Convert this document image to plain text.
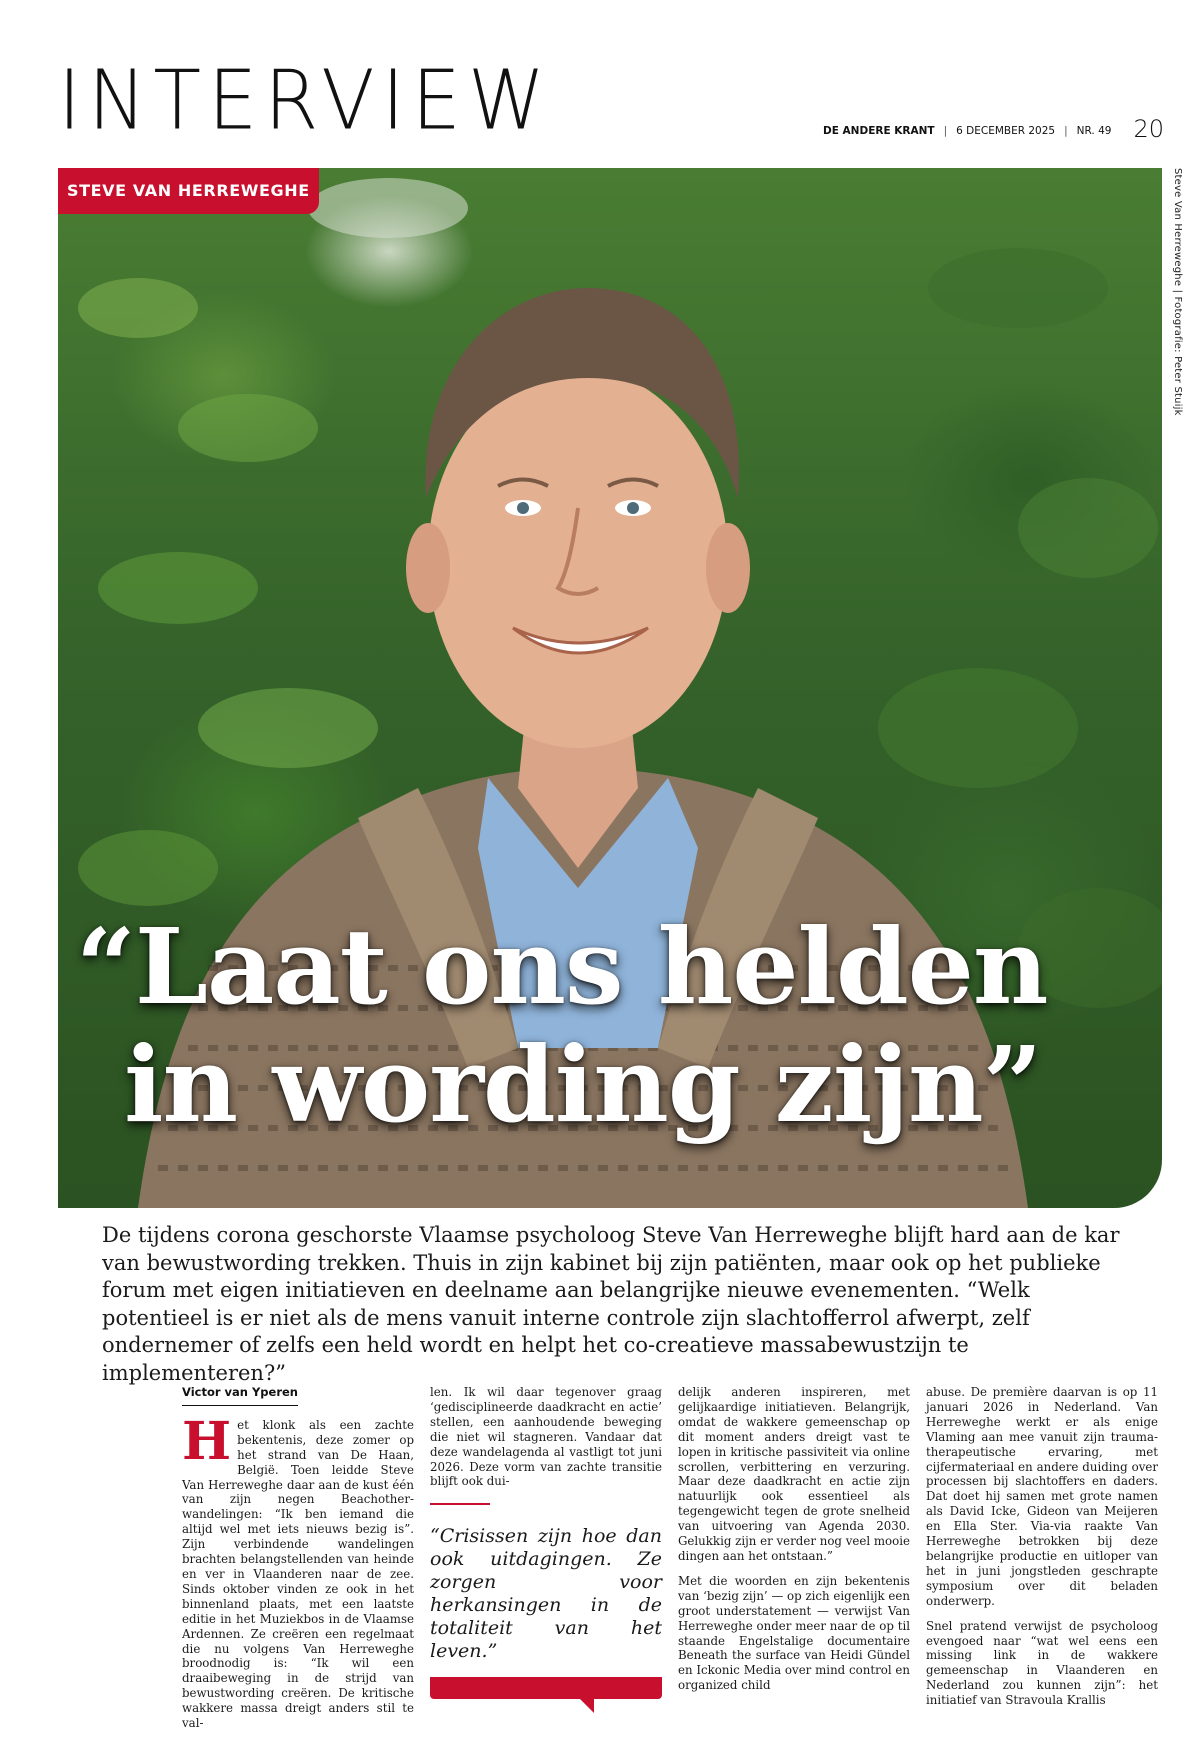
INTERVIEW	DE ANDERE KRANT | 6 DECEMBER 2025 | NR. 49 20
STEVE VAN HERREWEGHE
“Laat ons helden
in wording zijn”
Steve Van Herreweghe | Fotografie: Peter Stuijk
De tijdens corona geschorste Vlaamse psycholoog Steve Van Herreweghe blijft hard aan de kar van bewustwording trekken. Thuis in zijn kabinet bij zijn patiënten, maar ook op het publieke forum met eigen initiatieven en deelname aan belangrijke nieuwe evenementen. “Welk potentieel is er niet als de mens vanuit interne controle zijn slachtofferrol afwerpt, zelf ondernemer of zelfs een held wordt en helpt het co-creatieve massabewustzijn te implementeren?”
Victor van Yperen

Het klonk als een zachte bekentenis, deze zomer op het strand van De Haan, België. Toen leidde Steve Van Herreweghe daar aan de kust één van zijn negen Beachother-wandelingen: “Ik ben iemand die altijd wel met iets nieuws bezig is”. Zijn verbindende wandelingen brachten belangstellenden van heinde en ver in Vlaanderen naar de zee. Sinds oktober vinden ze ook in het binnenland plaats, met een laatste editie in het Muziekbos in de Vlaamse Ardennen. Ze creëren een regelmaat die nu volgens Van Herreweghe broodnodig is: “Ik wil een draaibeweging in de strijd van bewustwording creëren. De kritische wakkere massa dreigt anders stil te val-

len. Ik wil daar tegenover graag ‘gedisciplineerde daadkracht en actie’ stellen, een aanhoudende beweging die niet wil stagneren. Vandaar dat deze wandelagenda al vastligt tot juni 2026. Deze vorm van zachte transitie blijft ook dui-

“Crisissen zijn hoe dan ook uitdagingen. Ze zorgen voor herkansingen in de totaliteit van het leven.”

delijk anderen inspireren, met gelijkaardige initiatieven. Belangrijk, omdat de wakkere gemeenschap op dit moment anders dreigt vast te lopen in kritische passiviteit via online scrollen, verbittering en verzuring. Maar deze daadkracht en actie zijn natuurlijk ook essentieel als tegengewicht tegen de grote snelheid van uitvoering van Agenda 2030. Gelukkig zijn er verder nog veel mooie dingen aan het ontstaan.”

Met die woorden en zijn bekentenis van ‘bezig zijn’ — op zich eigenlijk een groot understatement — verwijst Van Herreweghe onder meer naar de op til staande Engelstalige documentaire Beneath the surface van Heidi Gündel en Ickonic Media over mind control en organized child

abuse. De première daarvan is op 11 januari 2026 in Nederland. Van Herreweghe werkt er als enige Vlaming aan mee vanuit zijn trauma-therapeutische ervaring, met cijfermateriaal en andere duiding over processen bij slachtoffers en daders. Dat doet hij samen met grote namen als David Icke, Gideon van Meijeren en Ella Ster. Via-via raakte Van Herreweghe betrokken bij deze belangrijke productie en uitloper van het in juni jongstleden geschrapte symposium over dit beladen onderwerp.

Snel pratend verwijst de psycholoog evengoed naar “wat wel eens een missing link in de wakkere gemeenschap in Vlaanderen en Nederland zou kunnen zijn”: het initiatief van Stravoula Krallis
